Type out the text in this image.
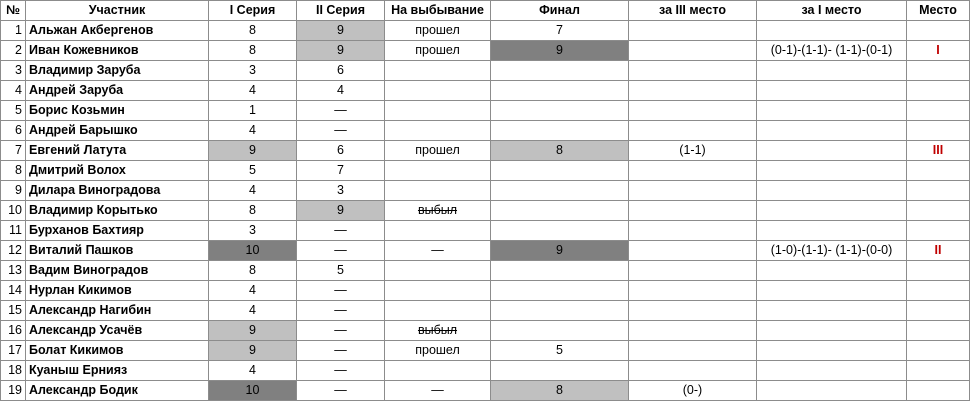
№	Участник	I Серия	II Серия	На выбывание	Финал	за III место	за I место	Место
1	Альжан Акбергенов	8	9	прошел	7			
2	Иван Кожевников	8	9	прошел	9		(0-1)-(1-1)- (1-1)-(0-1)	I
3	Владимир Заруба	3	6					
4	Андрей Заруба	4	4					
5	Борис Козьмин	1	—					
6	Андрей Барышко	4	—					
7	Евгений Латута	9	6	прошел	8	(1-1)		III
8	Дмитрий Волох	5	7					
9	Дилара Виноградова	4	3					
10	Владимир Корытько	8	9	выбыл				
11	Бурханов Бахтияр	3	—					
12	Виталий Пашков	10	—	—	9		(1-0)-(1-1)- (1-1)-(0-0)	II
13	Вадим Виноградов	8	5					
14	Нурлан Кикимов	4	—					
15	Александр Нагибин	4	—					
16	Александр Усачёв	9	—	выбыл				
17	Болат Кикимов	9	—	прошел	5			
18	Куаныш Ернияз	4	—					
19	Александр Бодик	10	—	—	8	(0-)		
